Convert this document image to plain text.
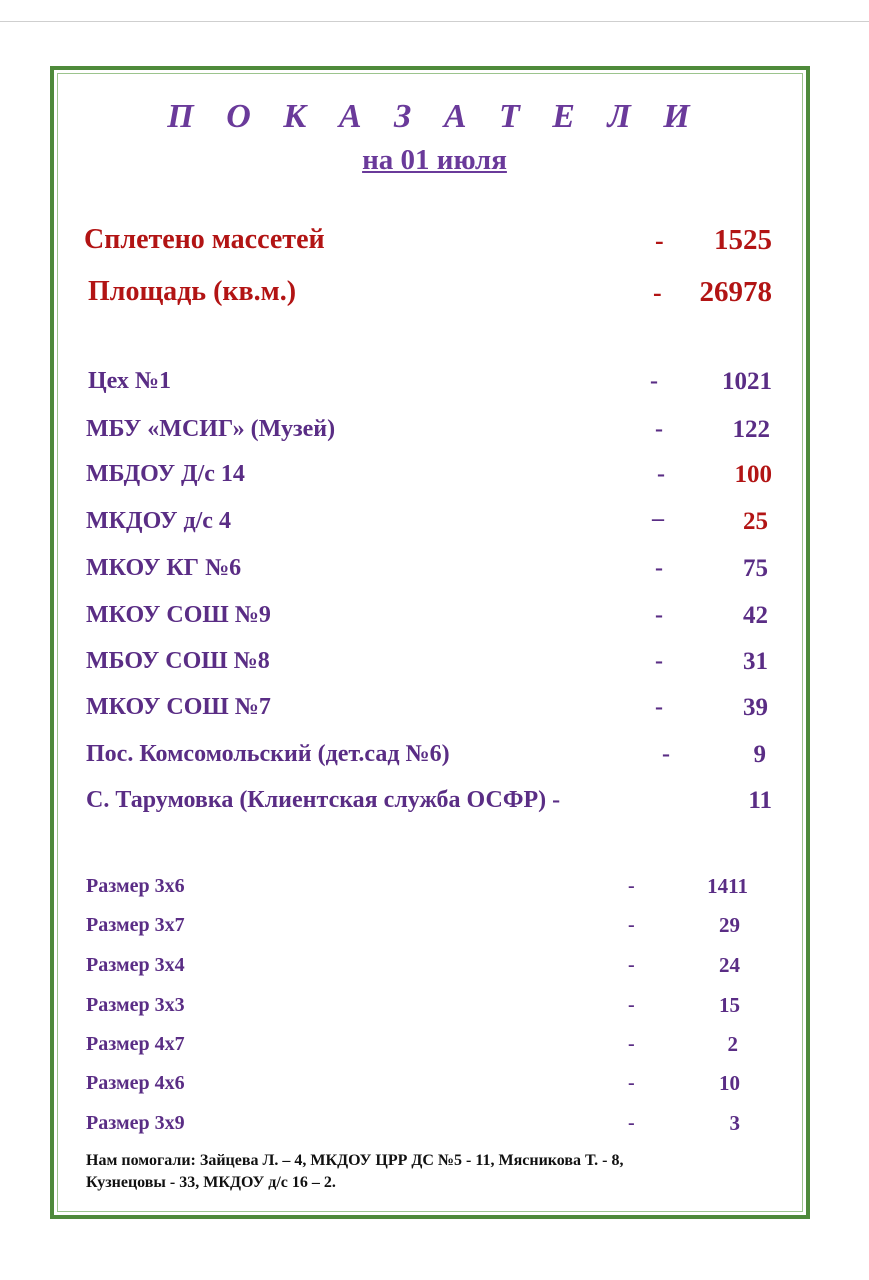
П О К А З А Т Е Л И
на 01 июля
Сплетено массетей	-	1525
Площадь (кв.м.)	-	26978
Цех №1	-	1021
МБУ «МСИГ» (Музей)	-	122
МБДОУ Д/с 14	-	100
МКДОУ д/с 4	–	25
МКОУ КГ №6	-	75
МКОУ СОШ №9	-	42
МБОУ СОШ №8	-	31
МКОУ СОШ №7	-	39
Пос. Комсомольский (дет.сад №6)	-	9
С. Тарумовка (Клиентская служба ОСФР) -	11
Размер 3х6	-	1411
Размер 3х7	-	29
Размер 3х4	-	24
Размер 3х3	-	15
Размер 4х7	-	2
Размер 4х6	-	10
Размер 3х9	-	3
Нам помогали: Зайцева Л. – 4, МКДОУ ЦРР ДС №5 - 11, Мясникова Т. - 8,
Кузнецовы - 33, МКДОУ д/с 16 – 2.
